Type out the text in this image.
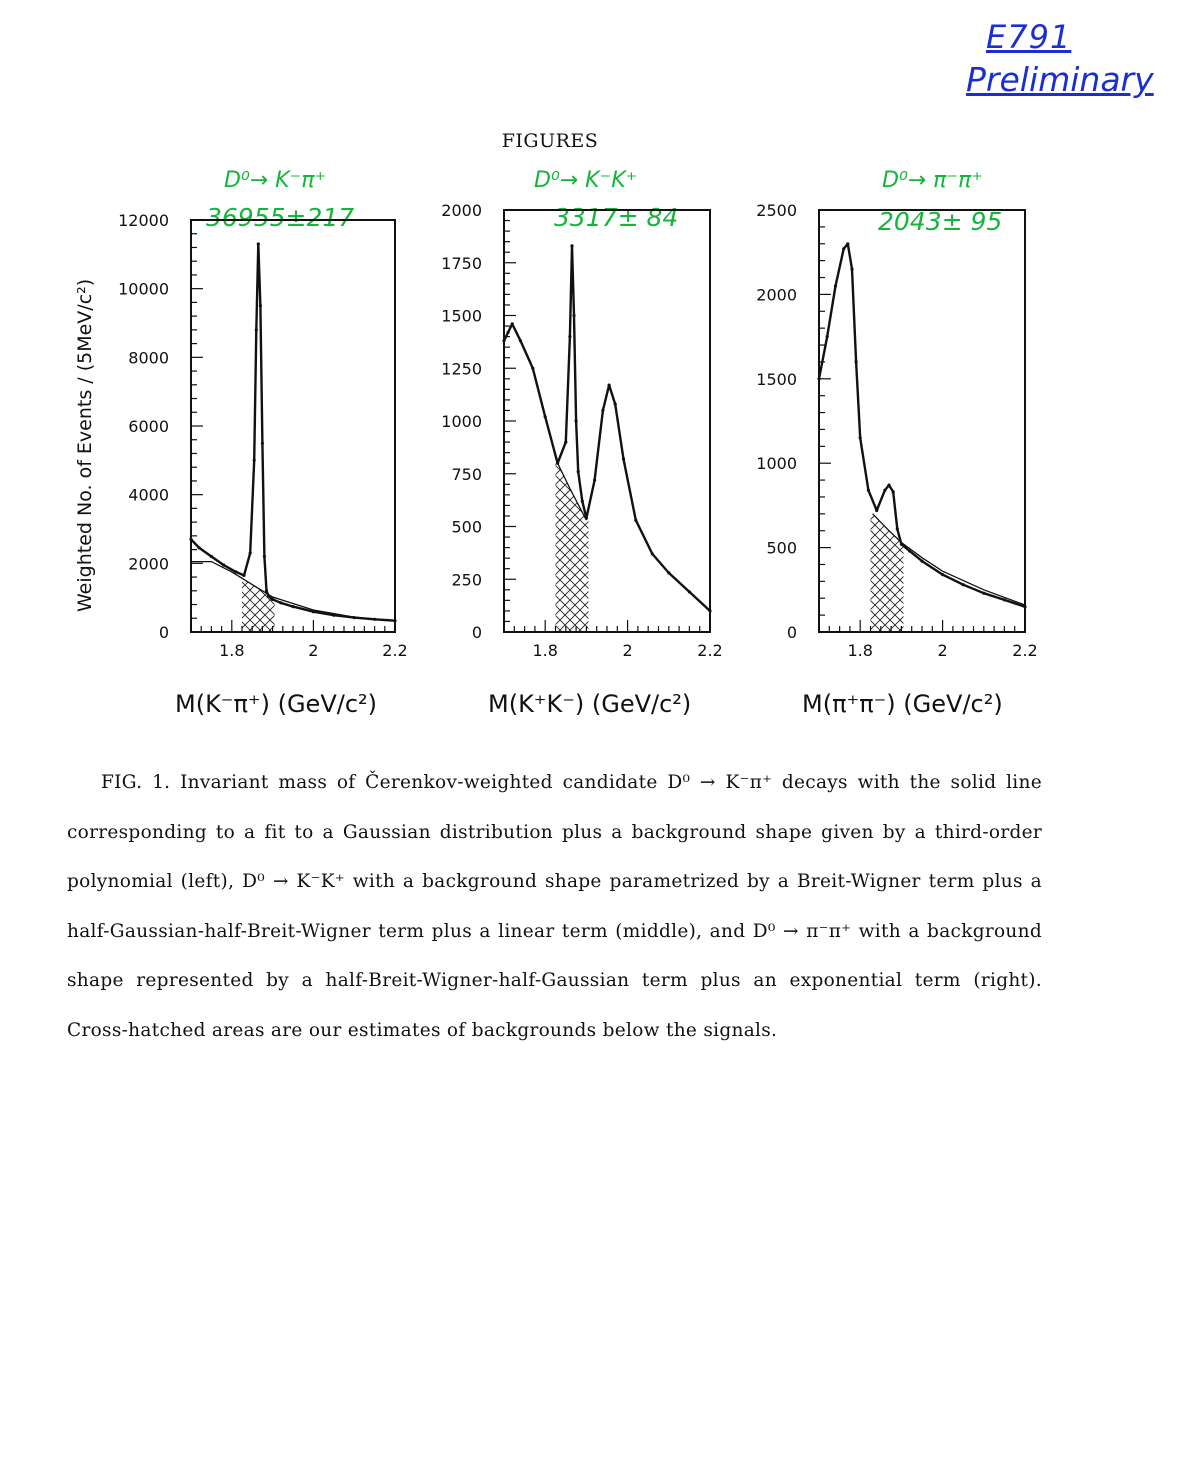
E791
Preliminary
FIGURES
D⁰→ K⁻π⁺	D⁰→ K⁻K⁺	D⁰→ π⁻π⁺
36955±217	3317± 84	2043± 95
Weighted No. of Events / (5MeV/c²)
1.8	2	2.2
0
2000
4000
6000
8000
10000
12000
1.8	2	2.2
0
250
500
750
1000
1250
1500
1750
2000
1.8	2	2.2
0
500
1000
1500
2000
2500
M(K⁻π⁺) (GeV/c²)	M(K⁺K⁻) (GeV/c²)	M(π⁺π⁻) (GeV/c²)

FIG. 1. Invariant mass of Čerenkov-weighted candidate D⁰ → K⁻π⁺ decays with the solid line corresponding to a fit to a Gaussian distribution plus a background shape given by a third-order polynomial (left), D⁰ → K⁻K⁺ with a background shape parametrized by a Breit-Wigner term plus a half-Gaussian-half-Breit-Wigner term plus a linear term (middle), and D⁰ → π⁻π⁺ with a background shape represented by a half-Breit-Wigner-half-Gaussian term plus an exponential term (right). Cross-hatched areas are our estimates of backgrounds below the signals.
